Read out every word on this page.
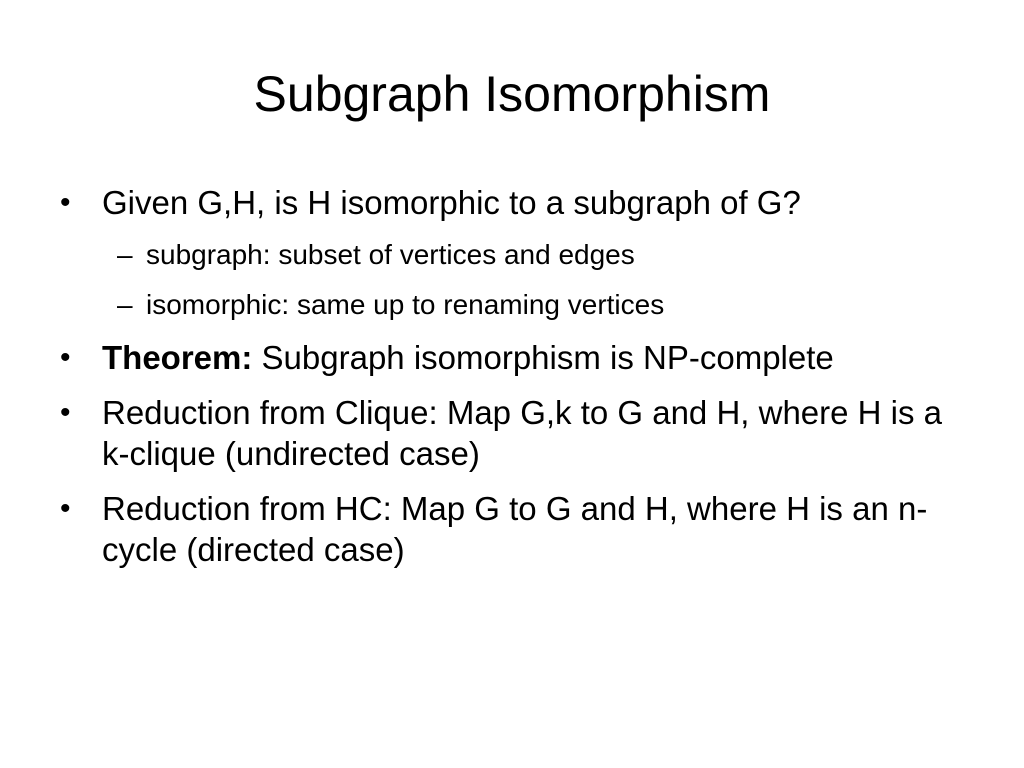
Subgraph Isomorphism
• Given G,H, is H isomorphic to a subgraph of G?
– subgraph: subset of vertices and edges
– isomorphic: same up to renaming vertices
• Theorem: Subgraph isomorphism is NP-complete
• Reduction from Clique: Map G,k to G and H, where H is a k-clique (undirected case)
• Reduction from HC: Map G to G and H, where H is an n-cycle (directed case)
